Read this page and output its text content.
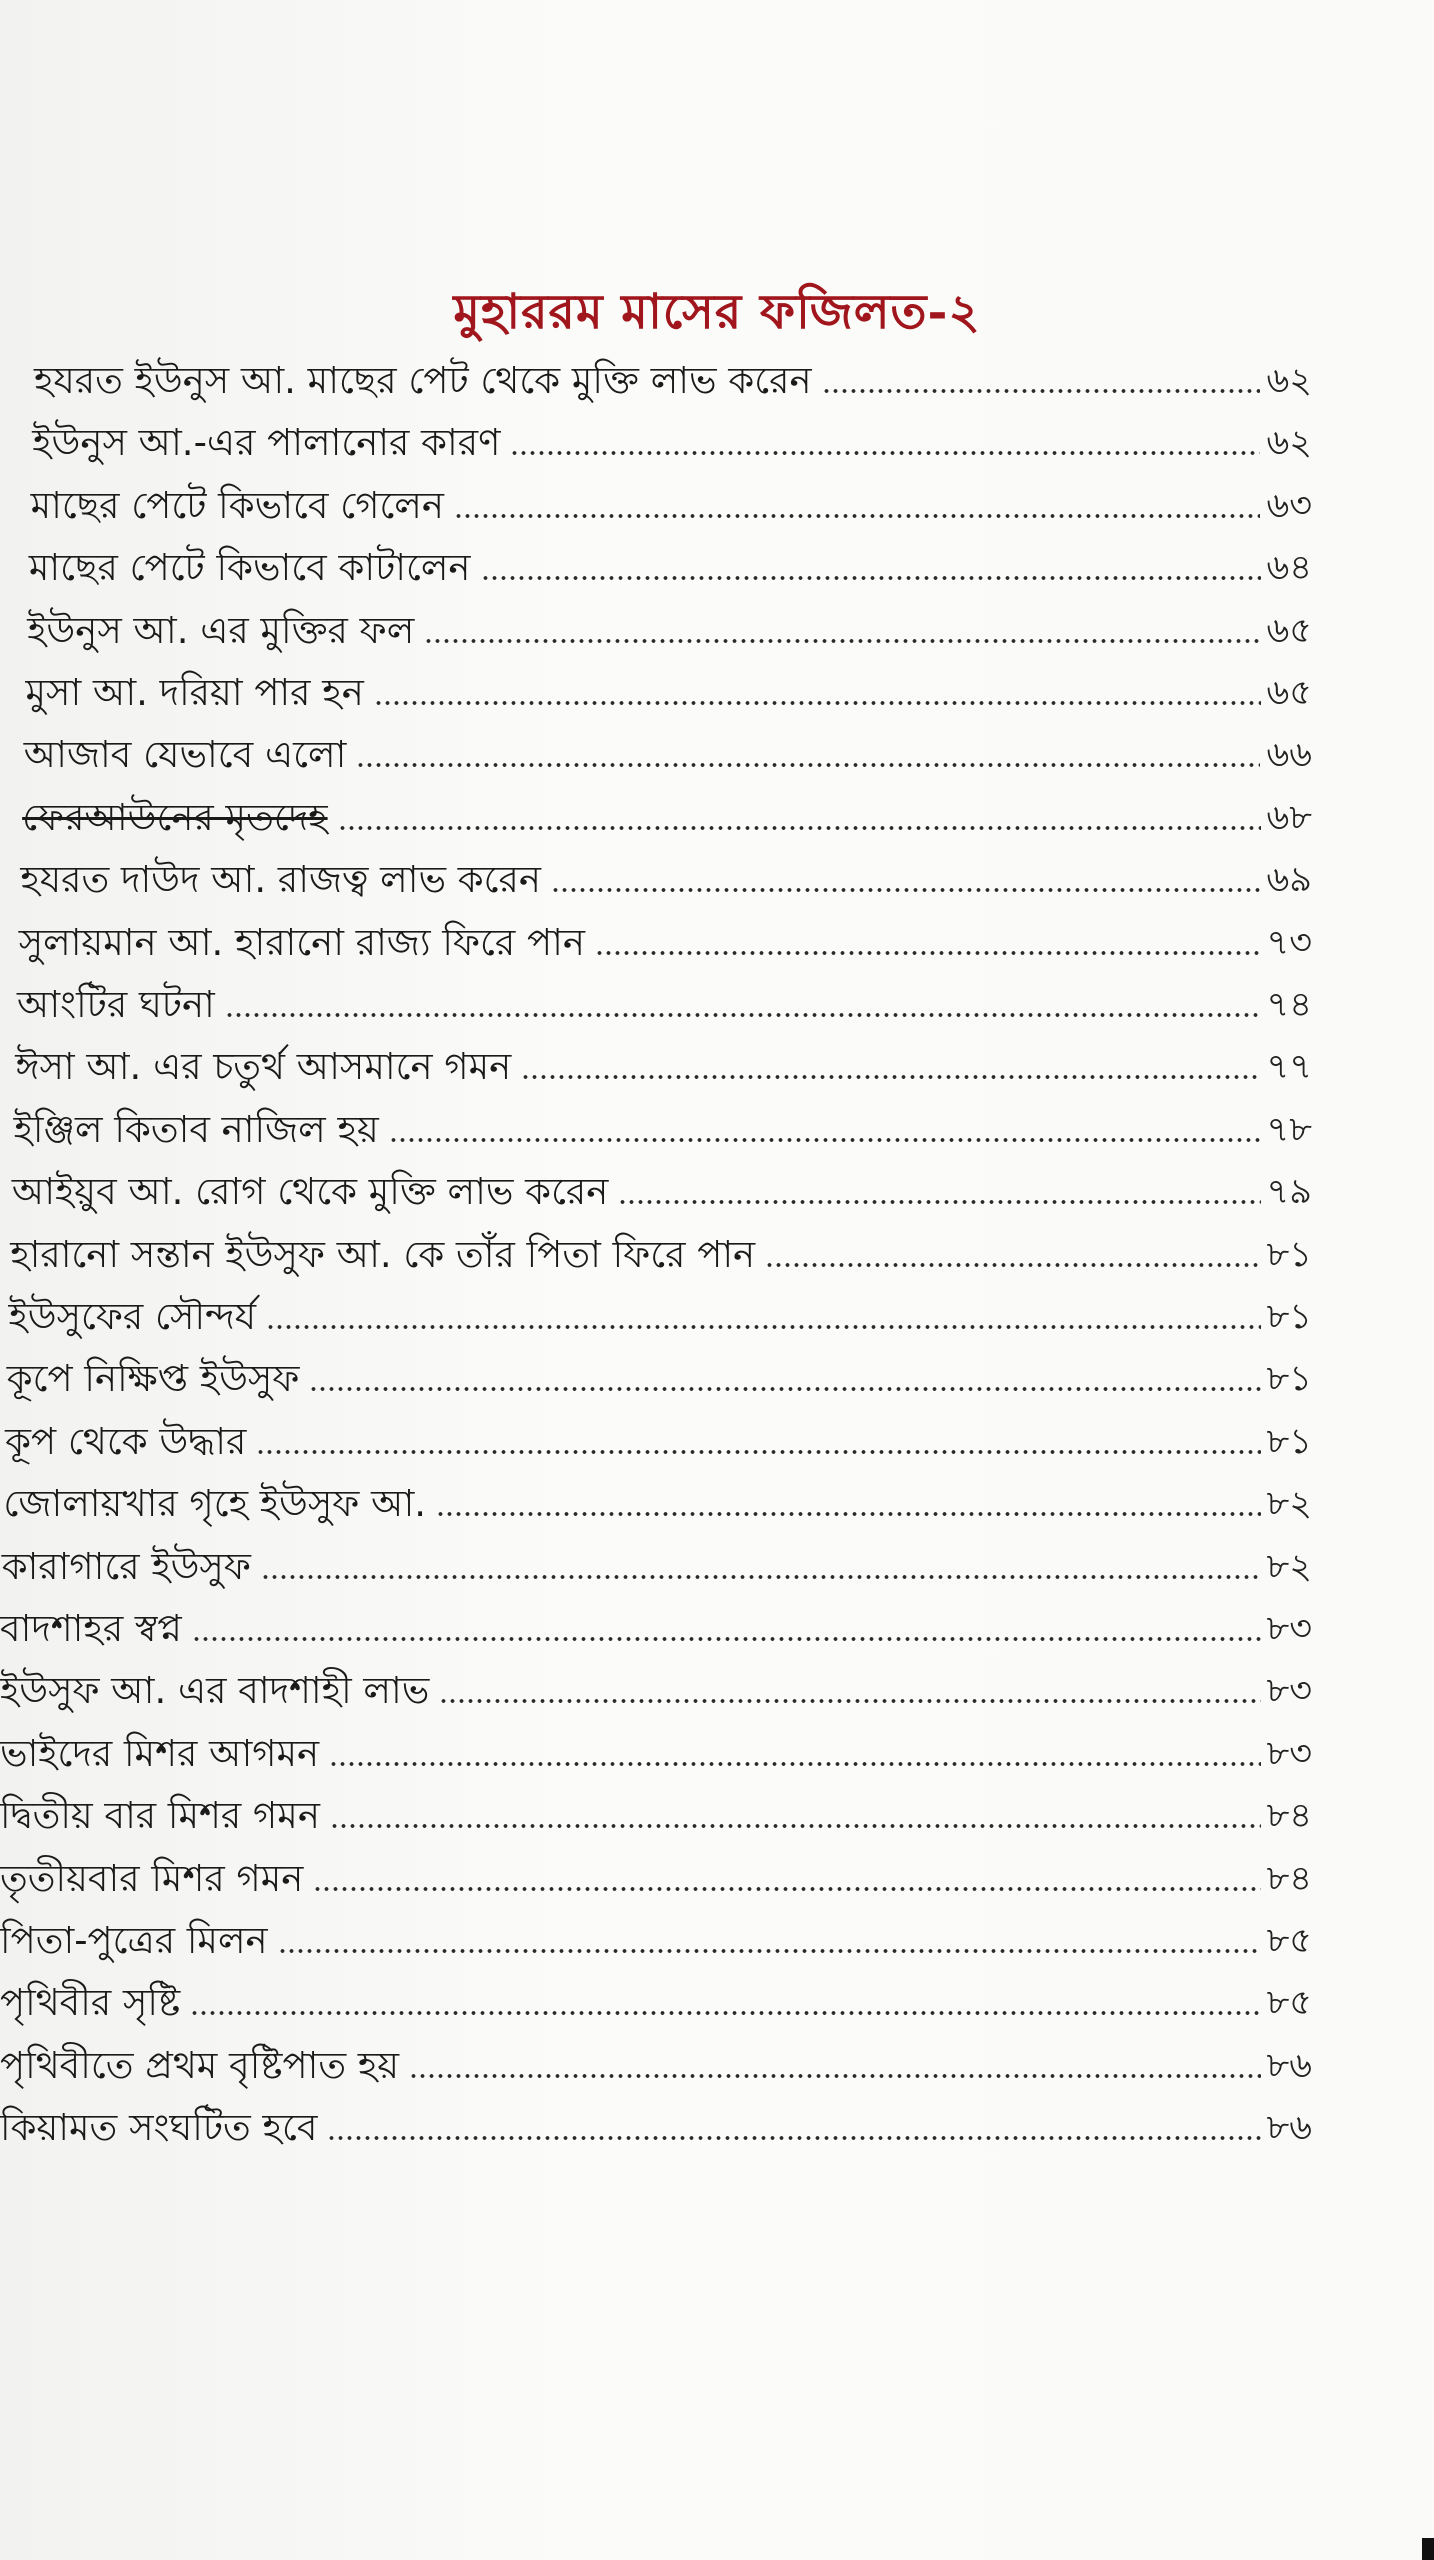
মুহাররম মাসের ফজিলত-২
হযরত ইউনুস আ. মাছের পেট থেকে মুক্তি লাভ করেন	৬২
ইউনুস আ.-এর পালানোর কারণ	৬২
মাছের পেটে কিভাবে গেলেন	৬৩
মাছের পেটে কিভাবে কাটালেন	৬৪
ইউনুস আ. এর মুক্তির ফল	৬৫
মুসা আ. দরিয়া পার হন	৬৫
আজাব যেভাবে এলো	৬৬
ফেরআউনের মৃতদেহ	৬৮
হযরত দাউদ আ. রাজত্ব লাভ করেন	৬৯
সুলায়মান আ. হারানো রাজ্য ফিরে পান	৭৩
আংটির ঘটনা	৭৪
ঈসা আ. এর চতুর্থ আসমানে গমন	৭৭
ইঞ্জিল কিতাব নাজিল হয়	৭৮
আইয়ুব আ. রোগ থেকে মুক্তি লাভ করেন	৭৯
হারানো সন্তান ইউসুফ আ. কে তাঁর পিতা ফিরে পান	৮১
ইউসুফের সৌন্দর্য	৮১
কূপে নিক্ষিপ্ত ইউসুফ	৮১
কূপ থেকে উদ্ধার	৮১
জোলায়খার গৃহে ইউসুফ আ.	৮২
কারাগারে ইউসুফ	৮২
বাদশাহর স্বপ্ন	৮৩
ইউসুফ আ. এর বাদশাহী লাভ	৮৩
ভাইদের মিশর আগমন	৮৩
দ্বিতীয় বার মিশর গমন	৮৪
তৃতীয়বার মিশর গমন	৮৪
পিতা-পুত্রের মিলন	৮৫
পৃথিবীর সৃষ্টি	৮৫
পৃথিবীতে প্রথম বৃষ্টিপাত হয়	৮৬
কিয়ামত সংঘটিত হবে	৮৬
